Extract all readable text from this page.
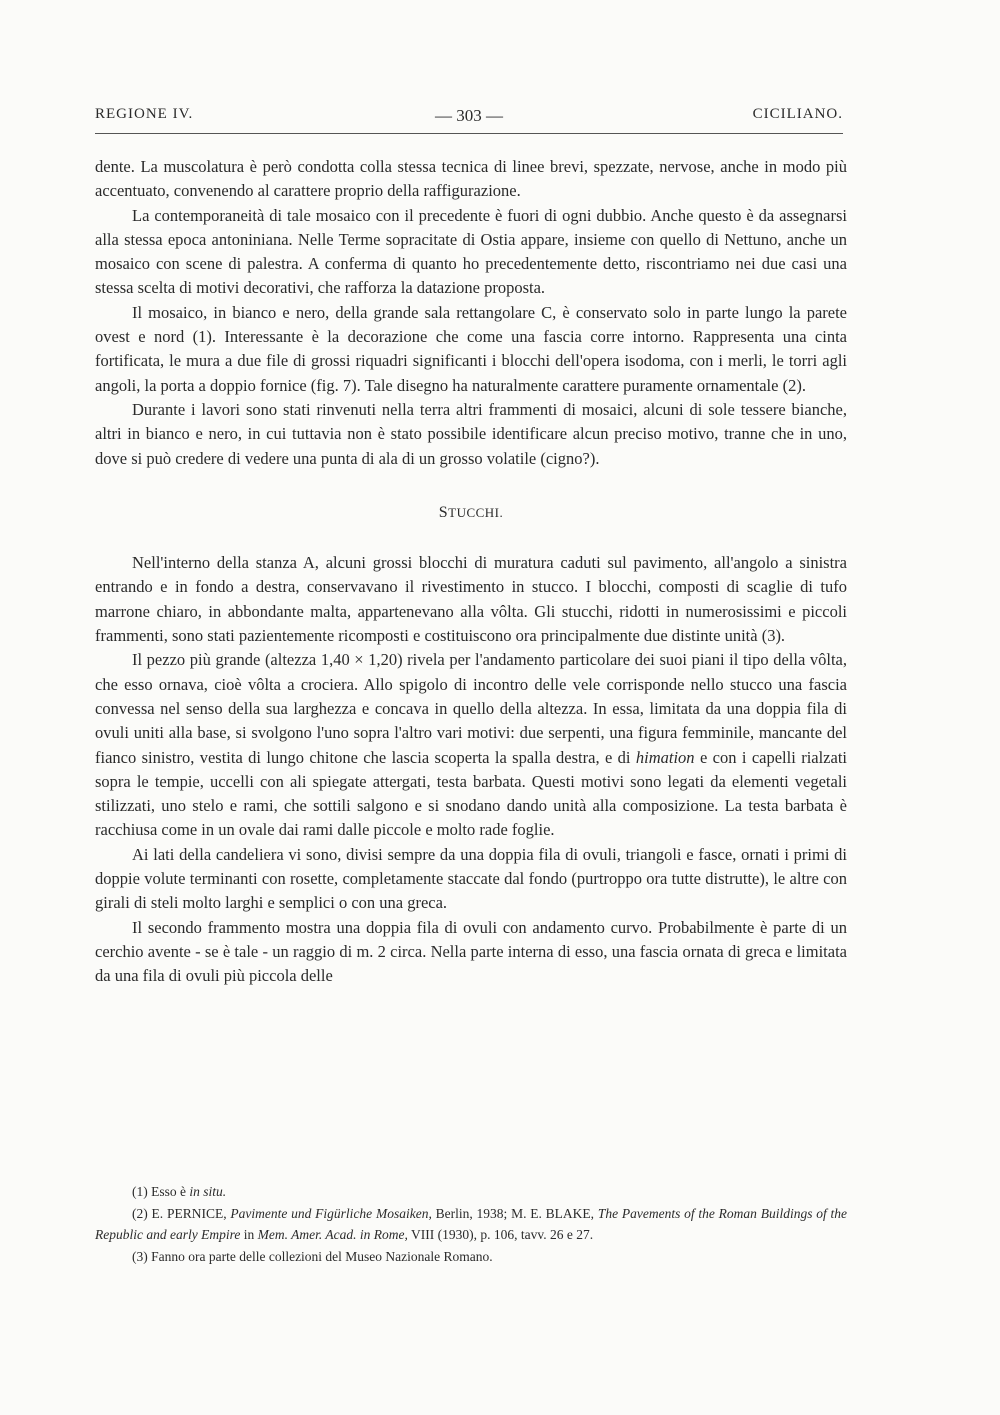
REGIONE IV.	— 303 —	CICILIANO.

dente. La muscolatura è però condotta colla stessa tecnica di linee brevi, spezzate, nervose, anche in modo più accentuato, convenendo al carattere proprio della raffigurazione.

La contemporaneità di tale mosaico con il precedente è fuori di ogni dubbio. Anche questo è da assegnarsi alla stessa epoca antoniniana. Nelle Terme sopracitate di Ostia appare, insieme con quello di Nettuno, anche un mosaico con scene di palestra. A conferma di quanto ho precedentemente detto, riscontriamo nei due casi una stessa scelta di motivi decorativi, che rafforza la datazione proposta.

Il mosaico, in bianco e nero, della grande sala rettangolare C, è conservato solo in parte lungo la parete ovest e nord (1). Interessante è la decorazione che come una fascia corre intorno. Rappresenta una cinta fortificata, le mura a due file di grossi riquadri significanti i blocchi dell'opera isodoma, con i merli, le torri agli angoli, la porta a doppio fornice (fig. 7). Tale disegno ha naturalmente carattere puramente ornamentale (2).

Durante i lavori sono stati rinvenuti nella terra altri frammenti di mosaici, alcuni di sole tessere bianche, altri in bianco e nero, in cui tuttavia non è stato possibile identificare alcun preciso motivo, tranne che in uno, dove si può credere di vedere una punta di ala di un grosso volatile (cigno?).

STUCCHI.

Nell'interno della stanza A, alcuni grossi blocchi di muratura caduti sul pavimento, all'angolo a sinistra entrando e in fondo a destra, conservavano il rivestimento in stucco. I blocchi, composti di scaglie di tufo marrone chiaro, in abbondante malta, appartenevano alla vôlta. Gli stucchi, ridotti in numerosissimi e piccoli frammenti, sono stati pazientemente ricomposti e costituiscono ora principalmente due distinte unità (3).

Il pezzo più grande (altezza 1,40 × 1,20) rivela per l'andamento particolare dei suoi piani il tipo della vôlta, che esso ornava, cioè vôlta a crociera. Allo spigolo di incontro delle vele corrisponde nello stucco una fascia convessa nel senso della sua larghezza e concava in quello della altezza. In essa, limitata da una doppia fila di ovuli uniti alla base, si svolgono l'uno sopra l'altro vari motivi: due serpenti, una figura femminile, mancante del fianco sinistro, vestita di lungo chitone che lascia scoperta la spalla destra, e di himation e con i capelli rialzati sopra le tempie, uccelli con ali spiegate attergati, testa barbata. Questi motivi sono legati da elementi vegetali stilizzati, uno stelo e rami, che sottili salgono e si snodano dando unità alla composizione. La testa barbata è racchiusa come in un ovale dai rami dalle piccole e molto rade foglie.

Ai lati della candeliera vi sono, divisi sempre da una doppia fila di ovuli, triangoli e fasce, ornati i primi di doppie volute terminanti con rosette, completamente staccate dal fondo (purtroppo ora tutte distrutte), le altre con girali di steli molto larghi e semplici o con una greca.

Il secondo frammento mostra una doppia fila di ovuli con andamento curvo. Probabilmente è parte di un cerchio avente - se è tale - un raggio di m. 2 circa. Nella parte interna di esso, una fascia ornata di greca e limitata da una fila di ovuli più piccola delle

(1) Esso è in situ.

(2) E. PERNICE, Pavimente und Figürliche Mosaiken, Berlin, 1938; M. E. BLAKE, The Pavements of the Roman Buildings of the Republic and early Empire in Mem. Amer. Acad. in Rome, VIII (1930), p. 106, tavv. 26 e 27.

(3) Fanno ora parte delle collezioni del Museo Nazionale Romano.
